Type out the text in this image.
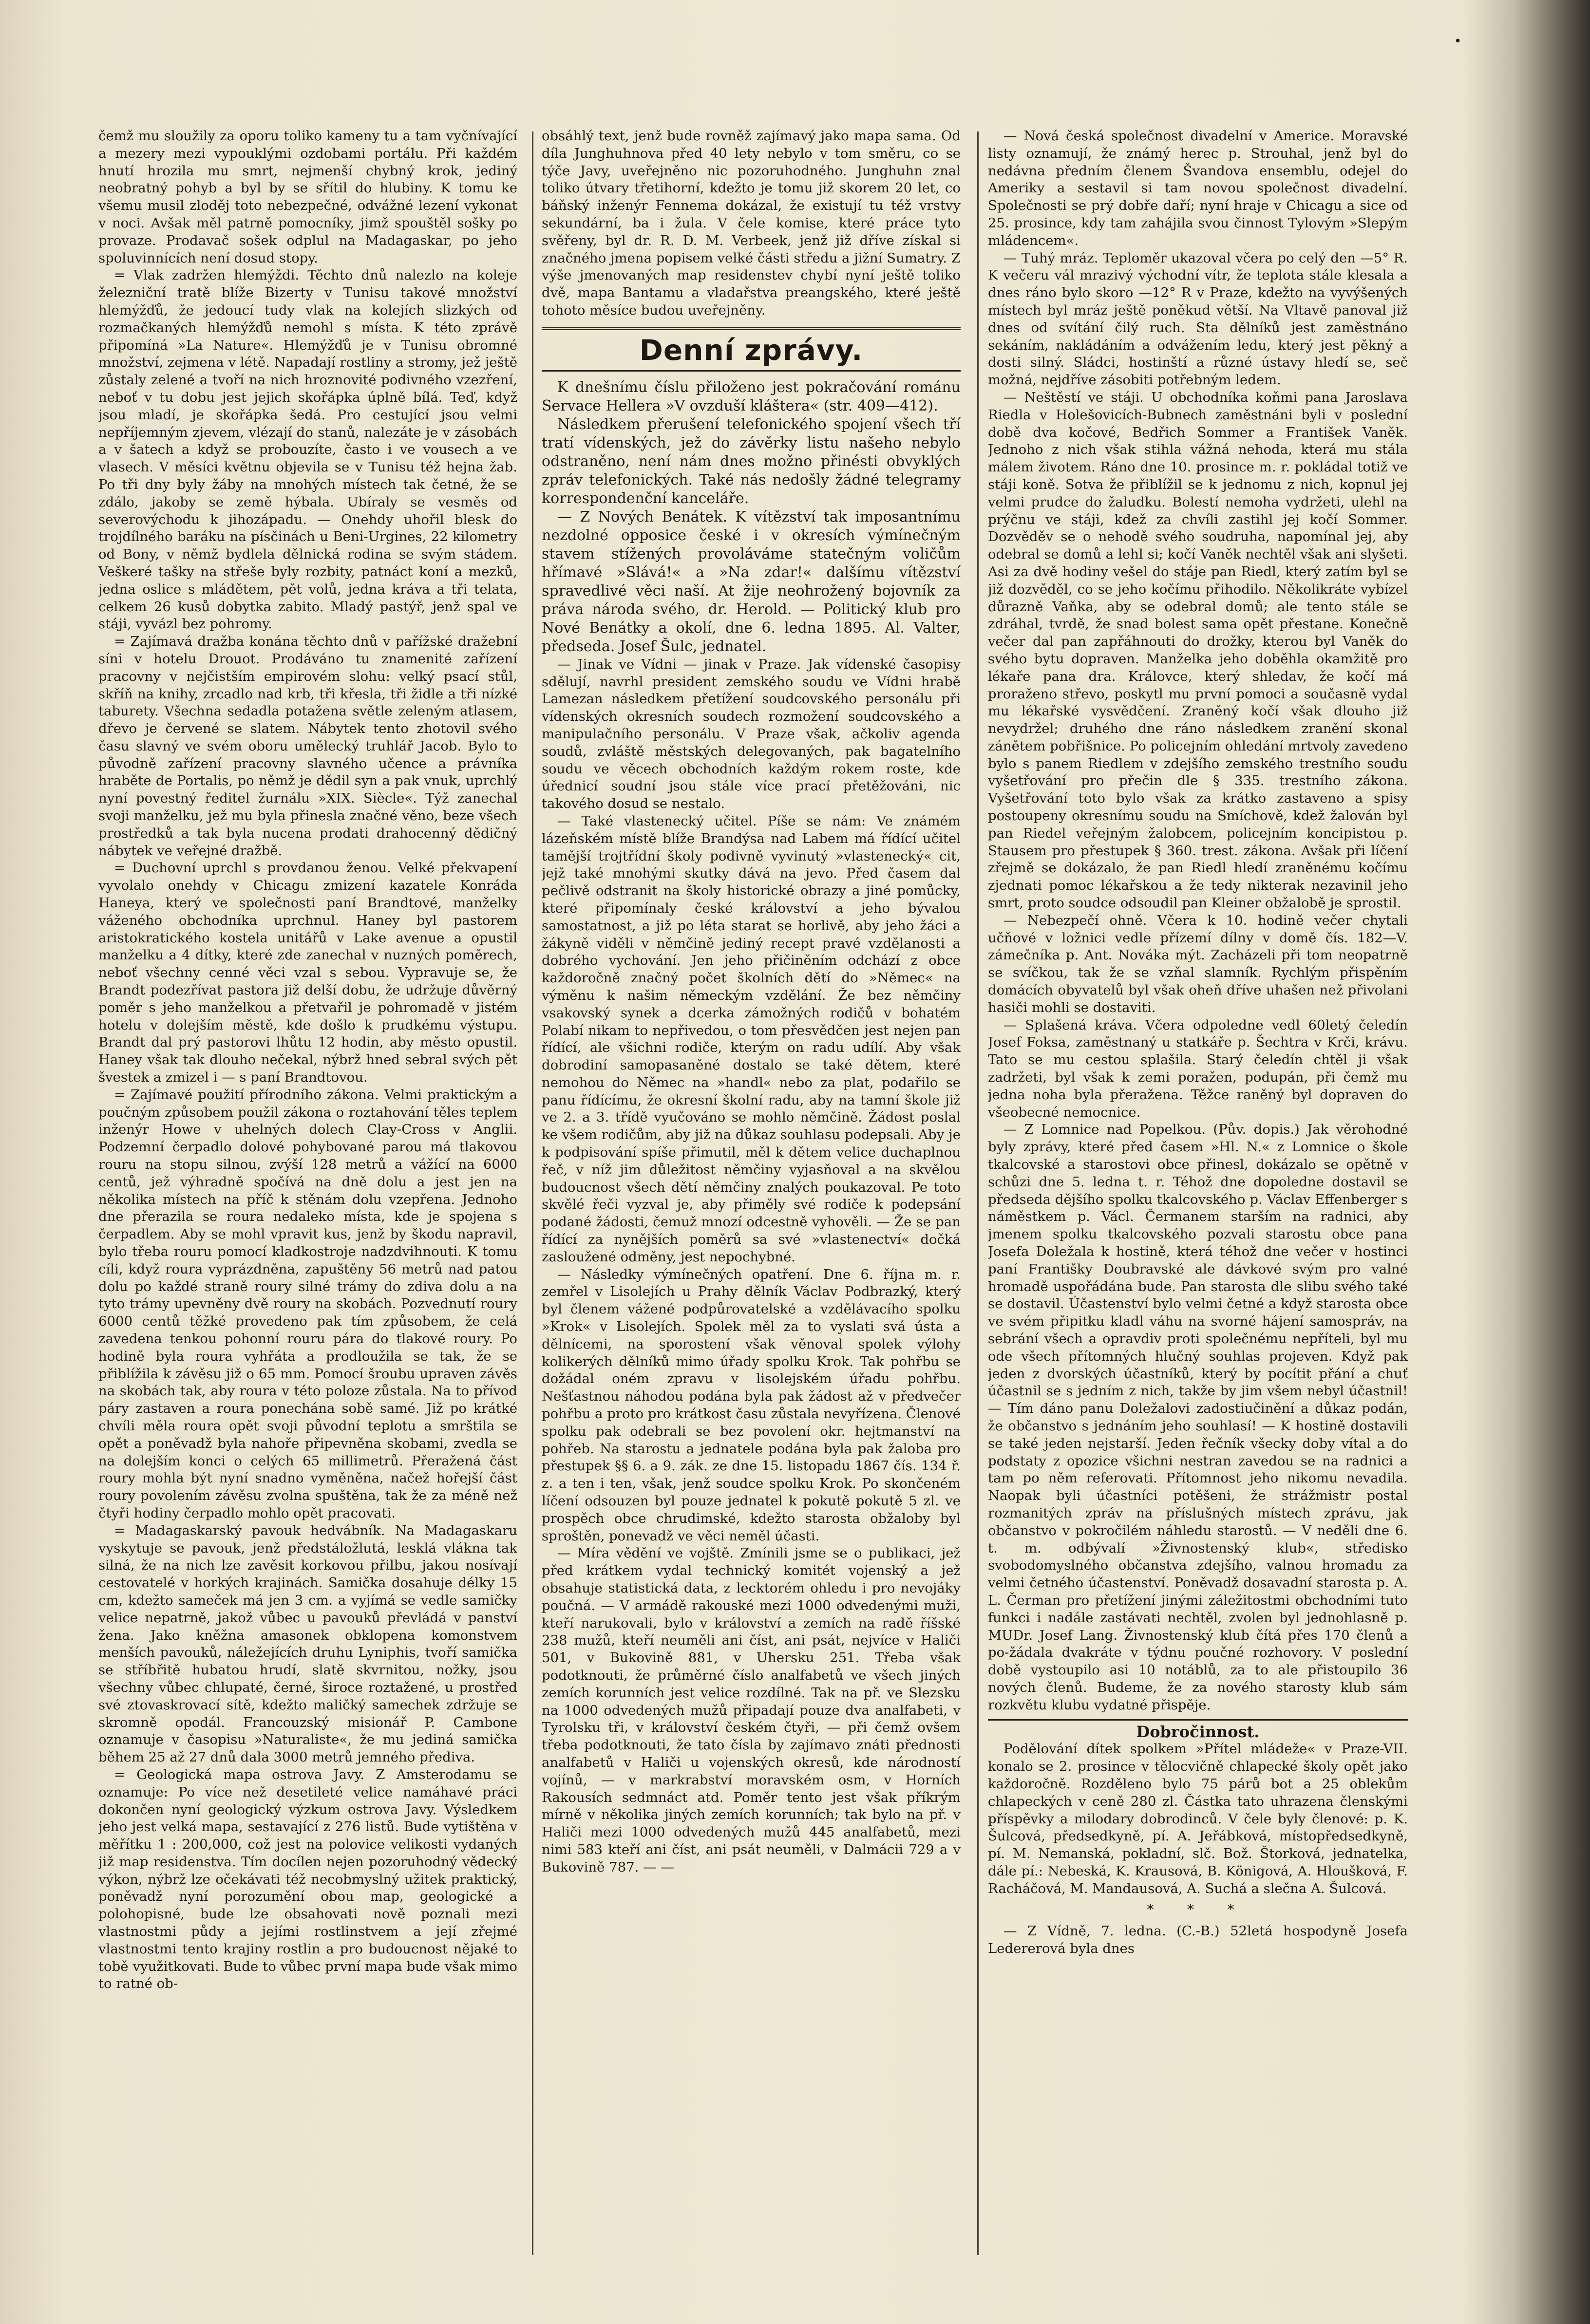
•

čemž mu sloužily za oporu toliko kameny tu a tam vyčnívající a mezery mezi vypouklými ozdobami portálu. Při každém hnutí hrozila mu smrt, nejmenší chybný krok, jediný neobratný pohyb a byl by se sřítil do hlubiny. K tomu ke všemu musil zloděj toto nebezpečné, odvážné lezení vykonat v noci. Avšak měl patrně pomocníky, jimž spouštěl sošky po provaze. Prodavač sošek odplul na Madagaskar, po jeho spoluvinnících není dosud stopy.

= Vlak zadržen hlemýždi. Těchto dnů nalezlo na koleje železniční tratě blíže Bizerty v Tunisu takové množství hlemýžďů, že jedoucí tudy vlak na kolejích slizkých od rozmačkaných hlemýžďů nemohl s místa. K této zprávě připomíná »La Nature«. Hlemýžďů je v Tunisu obromné množství, zejmena v létě. Napadají rostliny a stromy, jež ještě zůstaly zelené a tvoří na nich hroznovité podivného vzezření, neboť v tu dobu jest jejich skořápka úplně bílá. Teď, když jsou mladí, je skořápka šedá. Pro cestující jsou velmi nepříjemným zjevem, vlézají do stanů, nalezáte je v zásobách a v šatech a když se probouzíte, často i ve vousech a ve vlasech. V měsíci květnu objevila se v Tunisu též hejna žab. Po tři dny byly žáby na mnohých místech tak četné, že se zdálo, jakoby se země hýbala. Ubíraly se vesměs od severovýchodu k jihozápadu. — Onehdy uhořil blesk do trojdílného baráku na písčinách u Beni-Urgines, 22 kilometry od Bony, v němž bydlela dělnická rodina se svým stádem. Veškeré tašky na střeše byly rozbity, patnáct koní a mezků, jedna oslice s mládětem, pět volů, jedna kráva a tři telata, celkem 26 kusů dobytka zabito. Mladý pastýř, jenž spal ve stáji, vyvázl bez pohromy.

= Zajímavá dražba konána těchto dnů v pařížské dražební síni v hotelu Drouot. Prodáváno tu znamenité zařízení pracovny v nejčistším empirovém slohu: velký psací stůl, skříň na knihy, zrcadlo nad krb, tři křesla, tři židle a tři nízké taburety. Všechna sedadla potažena světle zeleným atlasem, dřevo je červené se slatem. Nábytek tento zhotovil svého času slavný ve svém oboru umělecký truhlář Jacob. Bylo to původně zařízení pracovny slavného učence a právníka hraběte de Portalis, po němž je dědil syn a pak vnuk, uprchlý nyní povestný ředitel žurnálu »XIX. Siècle«. Týž zanechal svoji manželku, jež mu byla přinesla značné věno, beze všech prostředků a tak byla nucena prodati drahocenný dědičný nábytek ve veřejné dražbě.

= Duchovní uprchl s provdanou ženou. Velké překvapení vyvolalo onehdy v Chicagu zmizení kazatele Konráda Haneya, který ve společnosti paní Brandtové, manželky váženého obchodníka uprchnul. Haney byl pastorem aristokratického kostela unitářů v Lake avenue a opustil manželku a 4 dítky, které zde zanechal v nuzných poměrech, neboť všechny cenné věci vzal s sebou. Vypravuje se, že Brandt podezřívat pastora již delší dobu, že udržuje důvěrný poměr s jeho manželkou a přetvařil je pohromadě v jistém hotelu v dolejším městě, kde došlo k prudkému výstupu. Brandt dal prý pastorovi lhůtu 12 hodin, aby město opustil. Haney však tak dlouho nečekal, nýbrž hned sebral svých pět švestek a zmizel i — s paní Brandtovou.

= Zajímavé použití přírodního zákona. Velmi praktickým a poučným způsobem použil zákona o roztahování těles teplem inženýr Howe v uhelných dolech Clay-Cross v Anglii. Podzemní čerpadlo dolové pohybované parou má tlakovou rouru na stopu silnou, zvýší 128 metrů a vážící na 6000 centů, jež výhradně spočívá na dně dolu a jest jen na několika místech na příč k stěnám dolu vzepřena. Jednoho dne přerazila se roura nedaleko místa, kde je spojena s čerpadlem. Aby se mohl vpravit kus, jenž by škodu napravil, bylo třeba rouru pomocí kladkostroje nadzdvihnouti. K tomu cíli, když roura vyprázdněna, zapuštěny 56 metrů nad patou dolu po každé straně roury silné trámy do zdiva dolu a na tyto trámy upevněny dvě roury na skobách. Pozvednutí roury 6000 centů těžké provedeno pak tím způsobem, že celá zavedena tenkou pohonní rouru pára do tlakové roury. Po hodině byla roura vyhřáta a prodloužila se tak, že se přiblížila k závěsu již o 65 mm. Pomocí šroubu upraven závěs na skobách tak, aby roura v této poloze zůstala. Na to přívod páry zastaven a roura ponechána sobě samé. Již po krátké chvíli měla roura opět svoji původní teplotu a smrštila se opět a poněvadž byla nahoře připevněna skobami, zvedla se na dolejším konci o celých 65 millimetrů. Přeražená část roury mohla být nyní snadno vyměněna, načež hořejší část roury povolením závěsu zvolna spuštěna, tak že za méně než čtyři hodiny čerpadlo mohlo opět pracovati.

= Madagaskarský pavouk hedvábník. Na Madagaskaru vyskytuje se pavouk, jenž předstáložlutá, lesklá vlákna tak silná, že na nich lze zavěsit korkovou přilbu, jakou nosívají cestovatelé v horkých krajinách. Samička dosahuje délky 15 cm, kdežto sameček má jen 3 cm. a vyjímá se vedle samičky velice nepatrně, jakož vůbec u pavouků převládá v panství žena. Jako kněžna amasonek obklopena komonstvem menších pavouků, náležejících druhu Lyniphis, tvoří samička se stříbřitě hubatou hrudí, slatě skvrnitou, nožky, jsou všechny vůbec chlupaté, černé, široce roztažené, u prostřed své ztovaskrovací sítě, kdežto maličký samechek zdržuje se skromně opodál. Francouzský misionář P. Cambone oznamuje v časopisu »Naturaliste«, že mu jediná samička během 25 až 27 dnů dala 3000 metrů jemného předivа.

= Geologická mapa ostrova Javy. Z Amsterodamu se oznamuje: Po více než desetileté velice namáhavé práci dokončen nyní geologický výzkum ostrova Javy. Výsledkem jeho jest velká mapa, sestavající z 276 listů. Bude vytištěna v měřítku 1 : 200,000, což jest na polovice velikosti vydaných již map residenstva. Tím docílen nejen pozoruhodný vědecký výkon, nýbrž lze očekávati též necobmyslný užitek praktický, poněvadž nyní porozumění obou map, geologické a polohopisné, bude lze obsahovati nově poznali mezi vlastnostmi půdy a jejími rostlinstvem a její zřejmé vlastnostmi tento krajiny rostlin a pro budoucnost nějaké to tobě využitkovati. Bude to vůbec první mapa bude však mimo to ratné ob-

obsáhlý text, jenž bude rovněž zajímavý jako mapa sama. Od díla Junghuhnova před 40 lety nebylo v tom směru, co se týče Javy, uveřejněno nic pozoruhodného. Junghuhn znal toliko útvary třetihorní, kdežto je tomu již skorem 20 let, co báňský inženýr Fennema dokázal, že existují tu též vrstvy sekundární, ba i žula. V čele komise, které práce tyto svěřeny, byl dr. R. D. M. Verbeek, jenž již dříve získal si značného jmena popisem velké části středu a jižní Sumatry. Z výše jmenovaných map residenstev chybí nyní ještě toliko dvě, mapa Bantamu a vladařstva preangského, které ještě tohoto měsíce budou uveřejněny.

Denní zprávy.

K dnešnímu číslu přiloženo jest pokračování románu Servace Hellera »V ovzduší kláštera« (str. 409—412).

Následkem přerušení telefonického spojení všech tří tratí vídenských, jež do závěrky listu našeho nebylo odstraněno, není nám dnes možno přinésti obvyklých zpráv telefonických. Také nás nedošly žádné telegramy korrespondenční kanceláře.

— Z Nových Benátek. K vítězství tak imposantnímu nezdolné opposice české i v okresích výmínečným stavem stížených provoláváme statečným voličům hřímavé »Slává!« a »Na zdar!« dalšímu vítězství spravedlivé věci naší. At žije neohrožený bojovník za práva národa svého, dr. Herold. — Politický klub pro Nové Benátky a okolí, dne 6. ledna 1895. Al. Valter, předseda. Josef Šulc, jednatel.

— Jinak ve Vídni — jinak v Praze. Jak vídenské časopisy sdělují, navrhl president zemského soudu ve Vídni hrabě Lamezan následkem přetížení soudcovského personálu při vídenských okresních soudech rozmožení soudcovského a manipulačního personálu. V Praze však, ačkoliv agenda soudů, zvláště městských delegovaných, pak bagatelního soudu ve věcech obchodních každým rokem roste, kde úřednicí soudní jsou stále více prací přetěžováni, nic takového dosud se nestalo.

— Také vlastenecký učitel. Píše se nám: Ve známém lázeňském místě blíže Brandýsa nad Labem má řídící učitel tamější trojtřídní školy podivně vyvinutý »vlastenecký« cit, jejž také mnohými skutky dává na jevo. Před časem dal pečlivě odstranit na školy historické obrazy a jiné pomůcky, které připomínaly české království a jeho bývalou samostatnost, a již po léta starat se horlivě, aby jeho žáci a žákyně viděli v němčině jediný recept pravé vzdělanosti a dobrého vychování. Jen jeho přičiněním odchází z obce každoročně značný počet školních dětí do »Němec« na výměnu k našim německým vzdělání. Že bez němčiny vsakovský synek a dcerka zámožných rodičů v bohatém Polabí nikam to nepřivedou, o tom přesvědčen jest nejen pan řídící, ale všichni rodiče, kterým on radu udílí. Aby však dobrodiní samopasaněné dostalo se také dětem, které nemohou do Němec na »handl« nebo za plat, podařilo se panu řídícímu, že okresní školní radu, aby na tamní škole již ve 2. a 3. třídě vyučováno se mohlo němčině. Žádost poslal ke všem rodičům, aby již na důkaz souhlasu podepsali. Aby je k podpisování spíše přimutil, měl k dětem velice duchaplnou řeč, v níž jim důležitost němčiny vyjasňoval a na skvělou budoucnost všech dětí němčiny znalých poukazoval. Pe toto skvělé řeči vyzval je, aby přiměly své rodiče k podepsání podané žádosti, čemuž mnozí odcestně vyhověli. — Že se pan řídící za nynějších poměrů sa své »vlastenectví« dočká zasloužené odměny, jest nepochybné.

— Následky výmínečných opatření. Dne 6. října m. r. zemřel v Lisolejích u Prahy dělník Václav Podbrazký, který byl členem vážené podpůrovatelské a vzdělávacího spolku »Krok« v Lisolejích. Spolek měl za to vyslati svá ústa a dělnícemi, na sporostení však věnoval spolek výlohy kolikerých dělníků mimo úřady spolku Krok. Tak pohřbu se dožádal oném zpravu v lisolejském úřadu pohřbu. Nešťastnou náhodou podána byla pak žádost až v předvečer pohřbu a proto pro krátkost času zůstala nevyřízena. Členové spolku pak odebrali se bez povolení okr. hejtmanství na pohřeb. Na starostu a jednatele podána byla pak žaloba pro přestupek §§ 6. a 9. zák. ze dne 15. listopadu 1867 čís. 134 ř. z. a ten i ten, však, jenž soudce spolku Krok. Po skončeném líčení odsouzen byl pouze jednatel k pokutě pokutě 5 zl. ve prospěch obce chrudimské, kdežto starosta obžaloby byl sproštěn, ponevadž ve věci neměl účasti.

— Míra vědění ve vojště. Zmínili jsme se o publikaci, jež před krátkem vydal technický komitét vojenský a jež obsahuje statistická data, z lecktorém ohledu i pro nevojáky poučná. — V armádě rakouské mezi 1000 odvedenými muži, kteří narukovali, bylo v království a zemích na radě říšské 238 mužů, kteří neuměli ani číst, ani psát, nejvíce v Haliči 501, v Bukovině 881, v Uhersku 251. Třeba však podotknouti, že průměrné číslo analfabetů ve všech jiných zemích korunních jest velice rozdílné. Tak na př. ve Slezsku na 1000 odvedených mužů připadají pouze dva analfabeti, v Tyrolsku tři, v království českém čtyři, — při čemž ovšem třeba podotknouti, že tato čísla by zajímavo znáti přednosti analfabetů v Haliči u vojenských okresů, kde národností vojínů, — v markrabství moravském osm, v Horních Rakousích sedmnáct atd. Poměr tento jest však příkrým mírně v několika jiných zemích korunních; tak bylo na př. v Haliči mezi 1000 odvedených mužů 445 analfabetů, mezi nimi 583 kteří ani číst, ani psát neuměli, v Dalmácii 729 a v Bukovině 787. — —

— Nová česká společnost divadelní v Americe. Moravské listy oznamují, že známý herec p. Strouhal, jenž byl do nedávna předním členem Švandova ensemblu, odejel do Ameriky a sestavil si tam novou společnost divadelní. Společnosti se prý dobře daří; nyní hraje v Chicagu a sice od 25. prosince, kdy tam zahájila svou činnost Tylovým »Slepým mládencem«.

— Tuhý mráz. Teploměr ukazoval včera po celý den —5° R. K večeru vál mrazivý východní vítr, že teplota stále klesala a dnes ráno bylo skoro —12° R v Praze, kdežto na vyvýšených místech byl mráz ještě poněkud větší. Na Vltavě panoval již dnes od svítání čilý ruch. Sta dělníků jest zaměstnáno sekáním, nakládáním a odvážením ledu, který jest pěkný a dosti silný. Sládci, hostinští a různé ústavy hledí se, seč možná, nejdříve zásobiti potřebným ledem.

— Neštěstí ve stáji. U obchodníka koňmi pana Jaroslava Riedla v Holešovicích-Bubnech zaměstnáni byli v poslední době dva kočové, Bedřich Sommer a František Vaněk. Jednoho z nich však stihla vážná nehoda, která mu stála málem životem. Ráno dne 10. prosince m. r. pokládal totiž ve stáji koně. Sotva že přiblížil se k jednomu z nich, kopnul jej velmi prudce do žaludku. Bolestí nemoha vydržeti, ulehl na prýčnu ve stáji, kdež za chvíli zastihl jej kočí Sommer. Dozvěděv se o nehodě svého soudruha, napomínal jej, aby odebral se domů a lehl si; kočí Vaněk nechtěl však ani slyšeti. Asi za dvě hodiny vešel do stáje pan Riedl, který zatím byl se již dozvěděl, co se jeho kočímu přihodilo. Několikráte vybízel důrazně Vaňka, aby se odebral domů; ale tento stále se zdráhal, tvrdě, že snad bolest sama opět přestane. Konečně večer dal pan zapřáhnouti do drožky, kterou byl Vaněk do svého bytu dopraven. Manželka jeho doběhla okamžitě pro lékaře pana dra. Královce, který shledav, že kočí má proraženo střevo, poskytl mu první pomoci a současně vydal mu lékařské vysvědčení. Zraněný kočí však dlouho již nevydržel; druhého dne ráno následkem zranění skonal zánětem pobřišnice. Po policejním ohledání mrtvoly zavedeno bylo s panem Riedlem v zdejšího zemského trestního soudu vyšetřování pro přečin dle § 335. trestního zákona. Vyšetřování toto bylo však za krátko zastaveno a spisy postoupeny okresnímu soudu na Smíchově, kdež žalován byl pan Riedel veřejným žalobcem, policejním koncipistou p. Stausem pro přestupek § 360. trest. zákona. Avšak při líčení zřejmě se dokázalo, že pan Riedl hledí zraněnému kočímu zjednati pomoc lékařskou a že tedy nikterak nezavinil jeho smrt, proto soudce odsoudil pan Kleiner obžalobě je sprostil.

— Nebezpečí ohně. Včera k 10. hodině večer chytali učňové v ložnici vedle přízemí dílny v domě čís. 182—V. zámečníka p. Ant. Nováka mýt. Zacházeli při tom neopatrně se svíčkou, tak že se vzňal slamník. Rychlým přispěním domácích obyvatelů byl však oheň dříve uhašen než přivolani hasiči mohli se dostaviti.

— Splašená kráva. Včera odpoledne vedl 60letý čeledín Josef Foksa, zaměstnaný u statkáře p. Šechtra v Krči, krávu. Tato se mu cestou splašila. Starý čeledín chtěl ji však zadržeti, byl však k zemi poražen, podupán, při čemž mu jedna noha byla přeražena. Těžce raněný byl dopraven do všeobecné nemocnice.

— Z Lomnice nad Popelkou. (Pův. dopis.) Jak věrohodné byly zprávy, které před časem »Hl. N.« z Lomnice o škole tkalcovské a starostovi obce přinesl, dokázalo se opětně v schůzi dne 5. ledna t. r. Téhož dne dopoledne dostavil se předseda dějšího spolku tkalcovského p. Václav Effenberger s náměstkem p. Václ. Čermanem starším na radnici, aby jmenem spolku tkalcovského pozvali starostu obce pana Josefa Doležala k hostině, která téhož dne večer v hostinci paní Františky Doubravské ale dávkové svým pro valné hromadě uspořádána bude. Pan starosta dle slibu svého také se dostavil. Účastenství bylo velmi četné a když starosta obce ve svém připitku kladl váhu na svorné hájení samospráv, na sebrání všech a opravdiv proti společnému nepříteli, byl mu ode všech přítomných hlučný souhlas projeven. Když pak jeden z dvorských účastníků, který by pocítit přání a chuť účastnil se s jedním z nich, takže by jim všem nebyl účastnil! — Tím dáno panu Doležalovi zadostiučinění a důkaz podán, že občanstvo s jednáním jeho souhlasí! — K hostině dostavili se také jeden nejstarší. Jeden řečník všecky doby vítal a do podstaty z opozice všichni nestran zavedou se na radnici a tam po něm referovati. Přítomnost jeho nikomu nevadila. Naopak byli účastníci potěšeni, že strážmistr postal rozmanitých zpráv na příslušných místech zprávu, jak občanstvo v pokročilém náhledu starostů. — V neděli dne 6. t. m. odbývalí »Živnostenský klub«, středisko svobodomyslného občanstva zdejšího, valnou hromadu za velmi četného účastenství. Poněvadž dosavadní starosta p. A. L. Čerman pro přetížení jinými záležitostmi obchodními tuto funkci i nadále zastávati nechtěl, zvolen byl jednohlasně p. MUDr. Josef Lang. Živnostenský klub čítá přes 170 členů a po-žádala dvakráte v týdnu poučné rozhovory. V poslední době vystoupilo asi 10 notáblů, za to ale přistoupilo 36 nových členů. Budeme, že za nového starosty klub sám rozkvětu klubu vydatné přispěje.

Dobročinnost.

Podělování dítek spolkem »Přítel mládeže« v Praze-VII. konalo se 2. prosince v tělocvičně chlapecké školy opět jako každoročně. Rozděleno bylo 75 párů bot a 25 oblekům chlapeckých v ceně 280 zl. Částka tato uhrazena členskými příspěvky a milodary dobrodinců. V čele byly členové: p. K. Šulcová, předsedkyně, pí. A. Jeřábková, místopředsedkyně, pí. M. Nemanská, pokladní, slč. Bož. Štorková, jednatelka, dále pí.: Nebeská, K. Krausová, B. Königová, A. Hloušková, F. Racháčová, M. Mandausová, A. Suchá a slečna A. Šulcová.

* * *

— Z Vídně, 7. ledna. (C.-B.) 52letá hospodyně Josefa Ledererová byla dnes
